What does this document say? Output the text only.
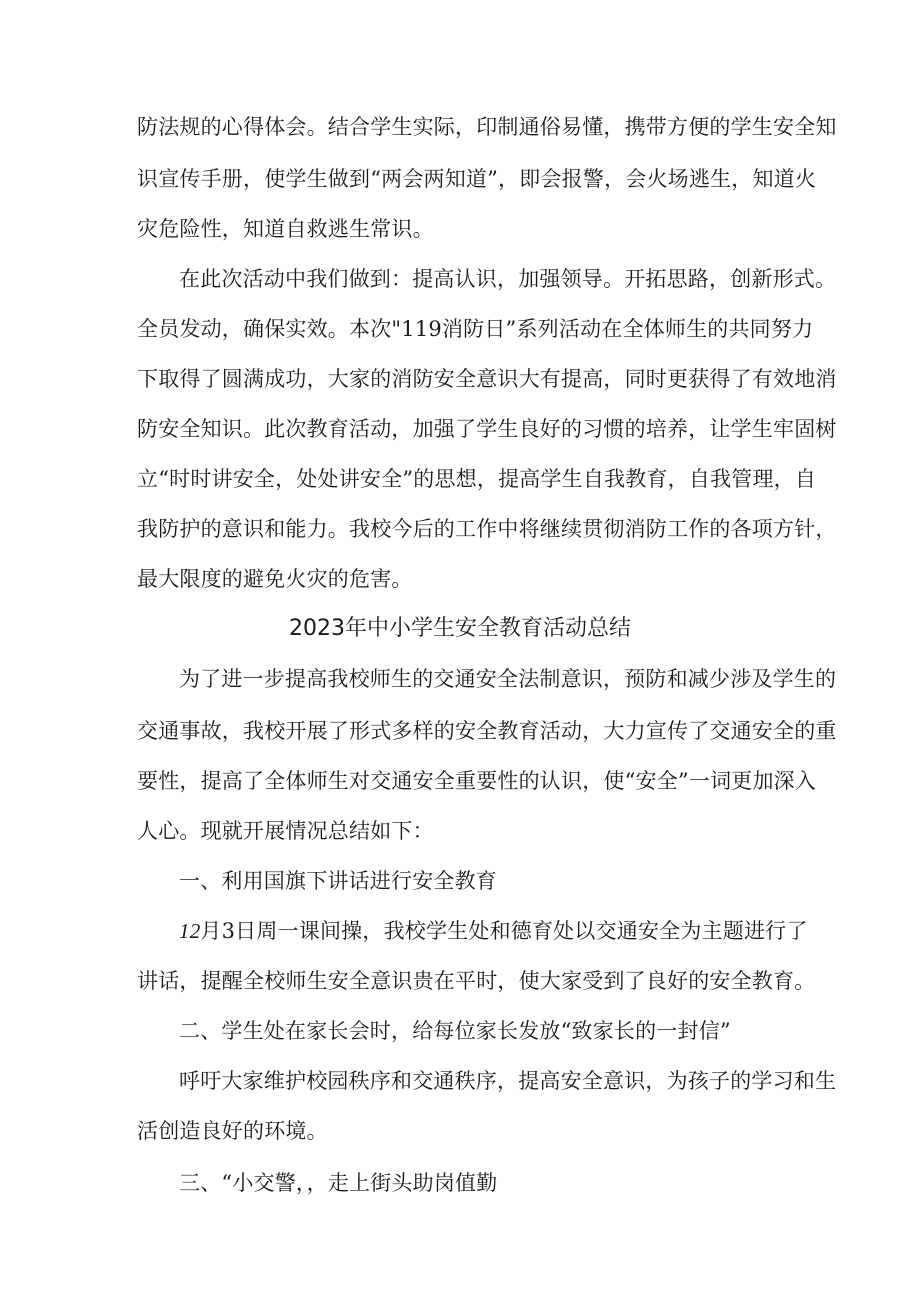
防法规的心得体会。结合学生实际，印制通俗易懂，携带方便的学生安全知
识宣传手册，使学生做到“两会两知道”，即会报警，会火场逃生，知道火
灾危险性，知道自救逃生常识。
在此次活动中我们做到：提高认识，加强领导。开拓思路，创新形式。
全员发动，确保实效。本次"119消防日”系列活动在全体师生的共同努力
下取得了圆满成功，大家的消防安全意识大有提高，同时更获得了有效地消
防安全知识。此次教育活动，加强了学生良好的习惯的培养，让学生牢固树
立“时时讲安全，处处讲安全”的思想，提高学生自我教育，自我管理，自
我防护的意识和能力。我校今后的工作中将继续贯彻消防工作的各项方针，
最大限度的避免火灾的危害。
2023年中小学生安全教育活动总结
为了进一步提高我校师生的交通安全法制意识，预防和减少涉及学生的
交通事故，我校开展了形式多样的安全教育活动，大力宣传了交通安全的重
要性，提高了全体师生对交通安全重要性的认识，使“安全”一词更加深入
人心。现就开展情况总结如下：
一、利用国旗下讲话进行安全教育
12月3日周一课间操，我校学生处和德育处以交通安全为主题进行了
讲话，提醒全校师生安全意识贵在平时，使大家受到了良好的安全教育。
二、学生处在家长会时，给每位家长发放“致家长的一封信”
呼吁大家维护校园秩序和交通秩序，提高安全意识，为孩子的学习和生
活创造良好的环境。
三、“小交警，，走上街头助岗值勤
